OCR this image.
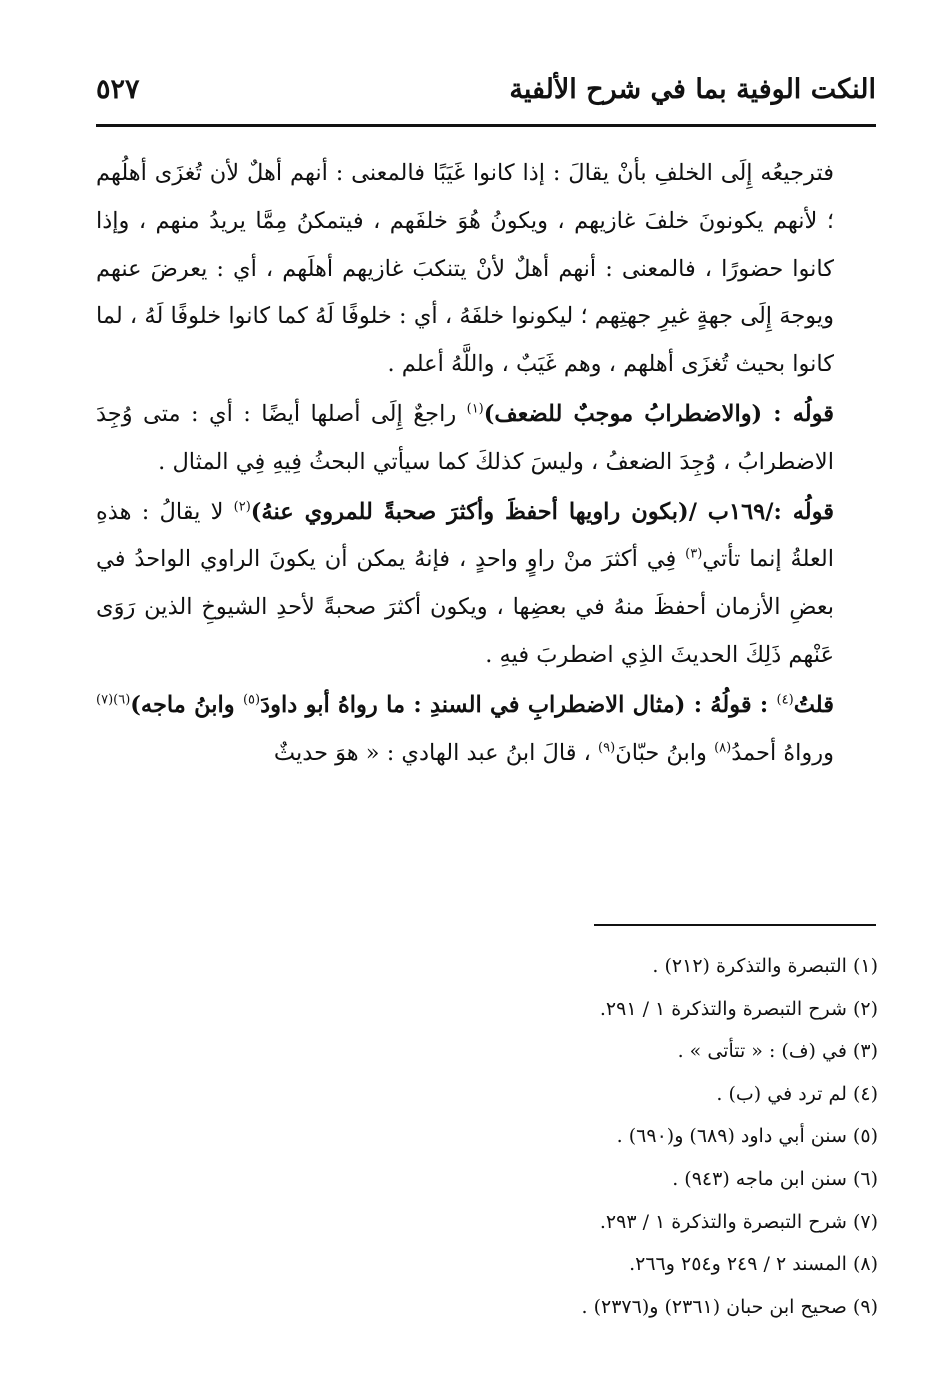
النكت الوفية بما في شرح الألفية
٥٢٧

فترجيعُه إِلَى الخلفِ بأنْ يقالَ : إذا كانوا غَيَبًا فالمعنى : أنهم أهلٌ لأن تُغزَى أهلُهم ؛ لأنهم يكونونَ خلفَ غازيهم ، ويكونُ هُوَ خلفَهم ، فيتمكنُ مِمَّا يريدُ منهم ، وإذا كانوا حضورًا ، فالمعنى : أنهم أهلٌ لأنْ يتنكبَ غازيهم أهلَهم ، أي : يعرضَ عنهم ويوجهَ إِلَى جهةٍ غيرِ جهتِهم ؛ ليكونوا خلفَهُ ، أي : خلوفًا لَهُ كما كانوا خلوفًا لَهُ ، لما كانوا بحيث تُغزَى أهلهم ، وهم غَيَبٌ ، واللَّهُ أعلم .

قولُه : (والاضطرابُ موجبٌ للضعف)$^{(١)}$ راجعٌ إِلَى أصلها أيضًا : أي : متى وُجِدَ الاضطرابُ ، وُجِدَ الضعفُ ، وليسَ كذلكَ كما سيأتي البحثُ فِيهِ فِي المثال .

قولُه :/١٦٩ب /(بكون راويها أحفظَ وأكثرَ صحبةً للمروي عنهُ)$^{(٢)}$ لا يقالُ : هذهِ العلةُ إنما تأتي$^{(٣)}$ فِي أكثرَ منْ راوٍ واحدٍ ، فإنهُ يمكن أن يكونَ الراوي الواحدُ في بعضِ الأزمان أحفظَ منهُ في بعضِها ، ويكون أكثرَ صحبةً لأحدِ الشيوخِ الذين رَوَى عَنْهم ذَلِكَ الحديثَ الذِي اضطربَ فيهِ .

قلتُ$^{(٤)}$ : قولُهُ : (مثال الاضطرابِ في السندِ : ما رواهُ أبو داودَ$^{(٥)}$ وابنُ ماجه)$^{(٦)(٧)}$ ورواهُ أحمدُ$^{(٨)}$ وابنُ حبّانَ$^{(٩)}$ ، قالَ ابنُ عبد الهادي : « هوَ حديثٌ

(١) التبصرة والتذكرة (٢١٢) .
(٢) شرح التبصرة والتذكرة ١ / ٢٩١.
(٣) في (ف) : « تتأتى » .
(٤) لم ترد في (ب) .
(٥) سنن أبي داود (٦٨٩) و(٦٩٠) .
(٦) سنن ابن ماجه (٩٤٣) .
(٧) شرح التبصرة والتذكرة ١ / ٢٩٣.
(٨) المسند ٢ / ٢٤٩ و٢٥٤ و٢٦٦.
(٩) صحيح ابن حبان (٢٣٦١) و(٢٣٧٦) .
